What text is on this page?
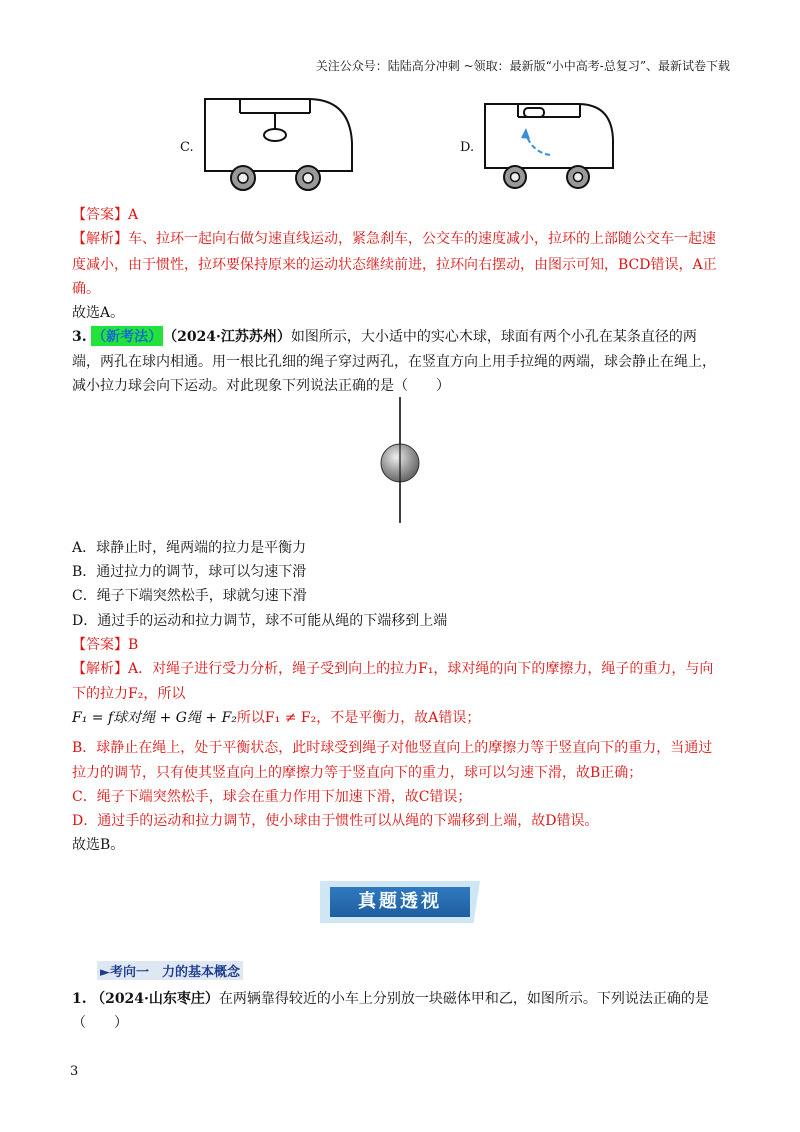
关注公众号：陆陆高分冲刺 ~领取：最新版“小中高考-总复习”、最新试卷下载
C.	D.
【答案】A
【解析】车、拉环一起向右做匀速直线运动，紧急刹车，公交车的速度减小，拉环的上部随公交车一起速
度减小，由于惯性，拉环要保持原来的运动状态继续前进，拉环向右摆动，由图示可知，BCD错误，A正
确。
故选A。
3. （新考法）（2024·江苏苏州）如图所示，大小适中的实心木球，球面有两个小孔在某条直径的两
端，两孔在球内相通。用一根比孔细的绳子穿过两孔，在竖直方向上用手拉绳的两端，球会静止在绳上，
减小拉力球会向下运动。对此现象下列说法正确的是（　　）
A．球静止时，绳两端的拉力是平衡力
B．通过拉力的调节，球可以匀速下滑
C．绳子下端突然松手，球就匀速下滑
D．通过手的运动和拉力调节，球不可能从绳的下端移到上端
【答案】B
【解析】A．对绳子进行受力分析，绳子受到向上的拉力F₁，球对绳的向下的摩擦力，绳子的重力，与向
下的拉力F₂，所以
F₁ = f球对绳 + G绳 + F₂所以F₁ ≠ F₂，不是平衡力，故A错误；
B．球静止在绳上，处于平衡状态，此时球受到绳子对他竖直向上的摩擦力等于竖直向下的重力，当通过
拉力的调节，只有使其竖直向上的摩擦力等于竖直向下的重力，球可以匀速下滑，故B正确；
C．绳子下端突然松手，球会在重力作用下加速下滑，故C错误；
D．通过手的运动和拉力调节，使小球由于惯性可以从绳的下端移到上端，故D错误。
故选B。
真题透视
►考向一　力的基本概念
1. （2024·山东枣庄）在两辆靠得较近的小车上分别放一块磁体甲和乙，如图所示。下列说法正确的是
（　　）
3
